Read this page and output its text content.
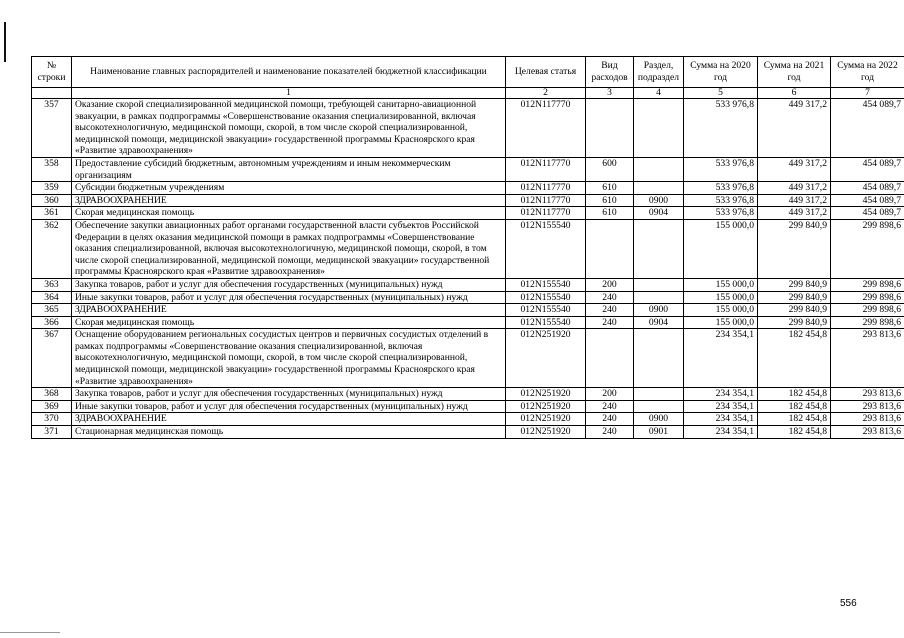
№ строки	Наименование главных распорядителей и наименование показателей бюджетной классификации	Целевая статья	Вид расходов	Раздел, подраздел	Сумма на 2020 год	Сумма на 2021 год	Сумма на 2022 год
	1	2	3	4	5	6	7
357	Оказание скорой специализированной медицинской помощи, требующей санитарно-авиационной эвакуации, в рамках подпрограммы «Совершенствование оказания специализированной, включая высокотехнологичную, медицинской помощи, скорой, в том числе скорой специализированной, медицинской помощи, медицинской эвакуации» государственной программы Красноярского края «Развитие здравоохранения»	012N117770			533 976,8	449 317,2	454 089,7
358	Предоставление субсидий бюджетным, автономным учреждениям и иным некоммерческим организациям	012N117770	600		533 976,8	449 317,2	454 089,7
359	Субсидии бюджетным учреждениям	012N117770	610		533 976,8	449 317,2	454 089,7
360	ЗДРАВООХРАНЕНИЕ	012N117770	610	0900	533 976,8	449 317,2	454 089,7
361	Скорая медицинская помощь	012N117770	610	0904	533 976,8	449 317,2	454 089,7
362	Обеспечение закупки авиационных работ органами государственной власти субъектов Российской Федерации в целях оказания медицинской помощи в рамках подпрограммы «Совершенствование оказания специализированной, включая высокотехнологичную, медицинской помощи, скорой, в том числе скорой специализированной, медицинской помощи, медицинской эвакуации» государственной программы Красноярского края «Развитие здравоохранения»	012N155540			155 000,0	299 840,9	299 898,6
363	Закупка товаров, работ и услуг для обеспечения государственных (муниципальных) нужд	012N155540	200		155 000,0	299 840,9	299 898,6
364	Иные закупки товаров, работ и услуг для обеспечения государственных (муниципальных) нужд	012N155540	240		155 000,0	299 840,9	299 898,6
365	ЗДРАВООХРАНЕНИЕ	012N155540	240	0900	155 000,0	299 840,9	299 898,6
366	Скорая медицинская помощь	012N155540	240	0904	155 000,0	299 840,9	299 898,6
367	Оснащение оборудованием региональных сосудистых центров и первичных сосудистых отделений в рамках подпрограммы «Совершенствование оказания специализированной, включая высокотехнологичную, медицинской помощи, скорой, в том числе скорой специализированной, медицинской помощи, медицинской эвакуации» государственной программы Красноярского края «Развитие здравоохранения»	012N251920			234 354,1	182 454,8	293 813,6
368	Закупка товаров, работ и услуг для обеспечения государственных (муниципальных) нужд	012N251920	200		234 354,1	182 454,8	293 813,6
369	Иные закупки товаров, работ и услуг для обеспечения государственных (муниципальных) нужд	012N251920	240		234 354,1	182 454,8	293 813,6
370	ЗДРАВООХРАНЕНИЕ	012N251920	240	0900	234 354,1	182 454,8	293 813,6
371	Стационарная медицинская помощь	012N251920	240	0901	234 354,1	182 454,8	293 813,6
556
